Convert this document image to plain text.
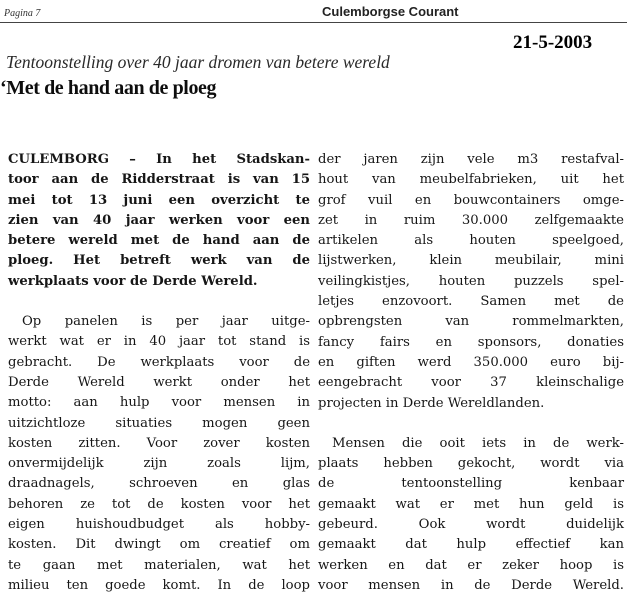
Pagina 7	Culemborgse Courant
21-5-2003
Tentoonstelling over 40 jaar dromen van betere wereld
‘Met de hand aan de ploeg
CULEMBORG – In het Stadskan-
toor aan de Ridderstraat is van 15
mei tot 13 juni een overzicht te
zien van 40 jaar werken voor een
betere wereld met de hand aan de
ploeg. Het betreft werk van de
werkplaats voor de Derde Wereld.
Op panelen is per jaar uitge-
werkt wat er in 40 jaar tot stand is
gebracht. De werkplaats voor de
Derde Wereld werkt onder het
motto: aan hulp voor mensen in
uitzichtloze situaties mogen geen
kosten zitten. Voor zover kosten
onvermijdelijk zijn zoals lijm,
draadnagels, schroeven en glas
behoren ze tot de kosten voor het
eigen huishoudbudget als hobby-
kosten. Dit dwingt om creatief om
te gaan met materialen, wat het
milieu ten goede komt. In de loop
der jaren zijn vele m3 restafval-
hout van meubelfabrieken, uit het
grof vuil en bouwcontainers omge-
zet in ruim 30.000 zelfgemaakte
artikelen als houten speelgoed,
lijstwerken, klein meubilair, mini
veilingkistjes, houten puzzels spel-
letjes enzovoort. Samen met de
opbrengsten van rommelmarkten,
fancy fairs en sponsors, donaties
en giften werd 350.000 euro bij-
eengebracht voor 37 kleinschalige
projecten in Derde Wereldlanden.
Mensen die ooit iets in de werk-
plaats hebben gekocht, wordt via
de tentoonstelling kenbaar
gemaakt wat er met hun geld is
gebeurd. Ook wordt duidelijk
gemaakt dat hulp effectief kan
werken en dat er zeker hoop is
voor mensen in de Derde Wereld.
